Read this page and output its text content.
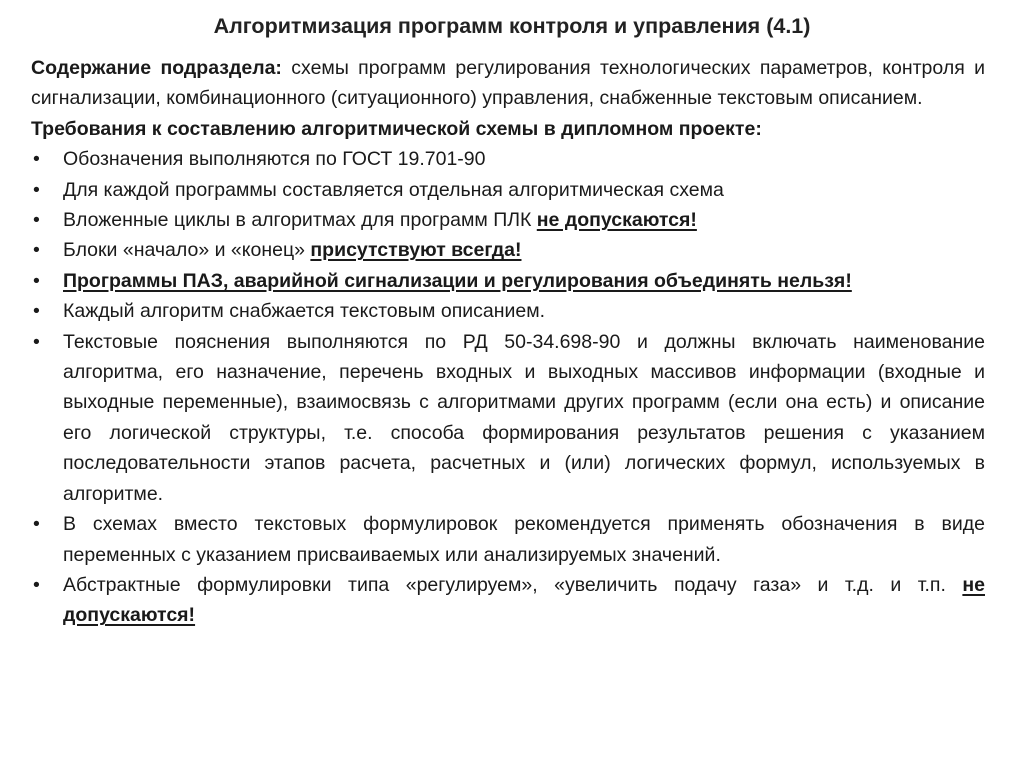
Алгоритмизация программ контроля и управления (4.1)

Содержание подраздела: схемы программ регулирования технологических параметров, контроля и сигнализации, комбинационного (ситуационного) управления, снабженные текстовым описанием.

Требования к составлению алгоритмической схемы в дипломном проекте:

•	Обозначения выполняются по ГОСТ 19.701-90
•	Для каждой программы составляется отдельная алгоритмическая схема
•	Вложенные циклы в алгоритмах для программ ПЛК не допускаются!
•	Блоки «начало» и «конец» присутствуют всегда!
•	Программы ПАЗ, аварийной сигнализации и регулирования объединять нельзя!
•	Каждый алгоритм снабжается текстовым описанием.
•	Текстовые пояснения выполняются по РД 50-34.698-90 и должны включать наименование алгоритма, его назначение, перечень входных и выходных массивов информации (входные и выходные переменные), взаимосвязь с алгоритмами других программ (если она есть) и описание его логической структуры, т.е. способа формирования результатов решения с указанием последовательности этапов расчета, расчетных и (или) логических формул, используемых в алгоритме.
•	В схемах вместо текстовых формулировок рекомендуется применять обозначения в виде переменных с указанием присваиваемых или анализируемых значений.
•	Абстрактные формулировки типа «регулируем», «увеличить подачу газа» и т.д. и т.п. не допускаются!
